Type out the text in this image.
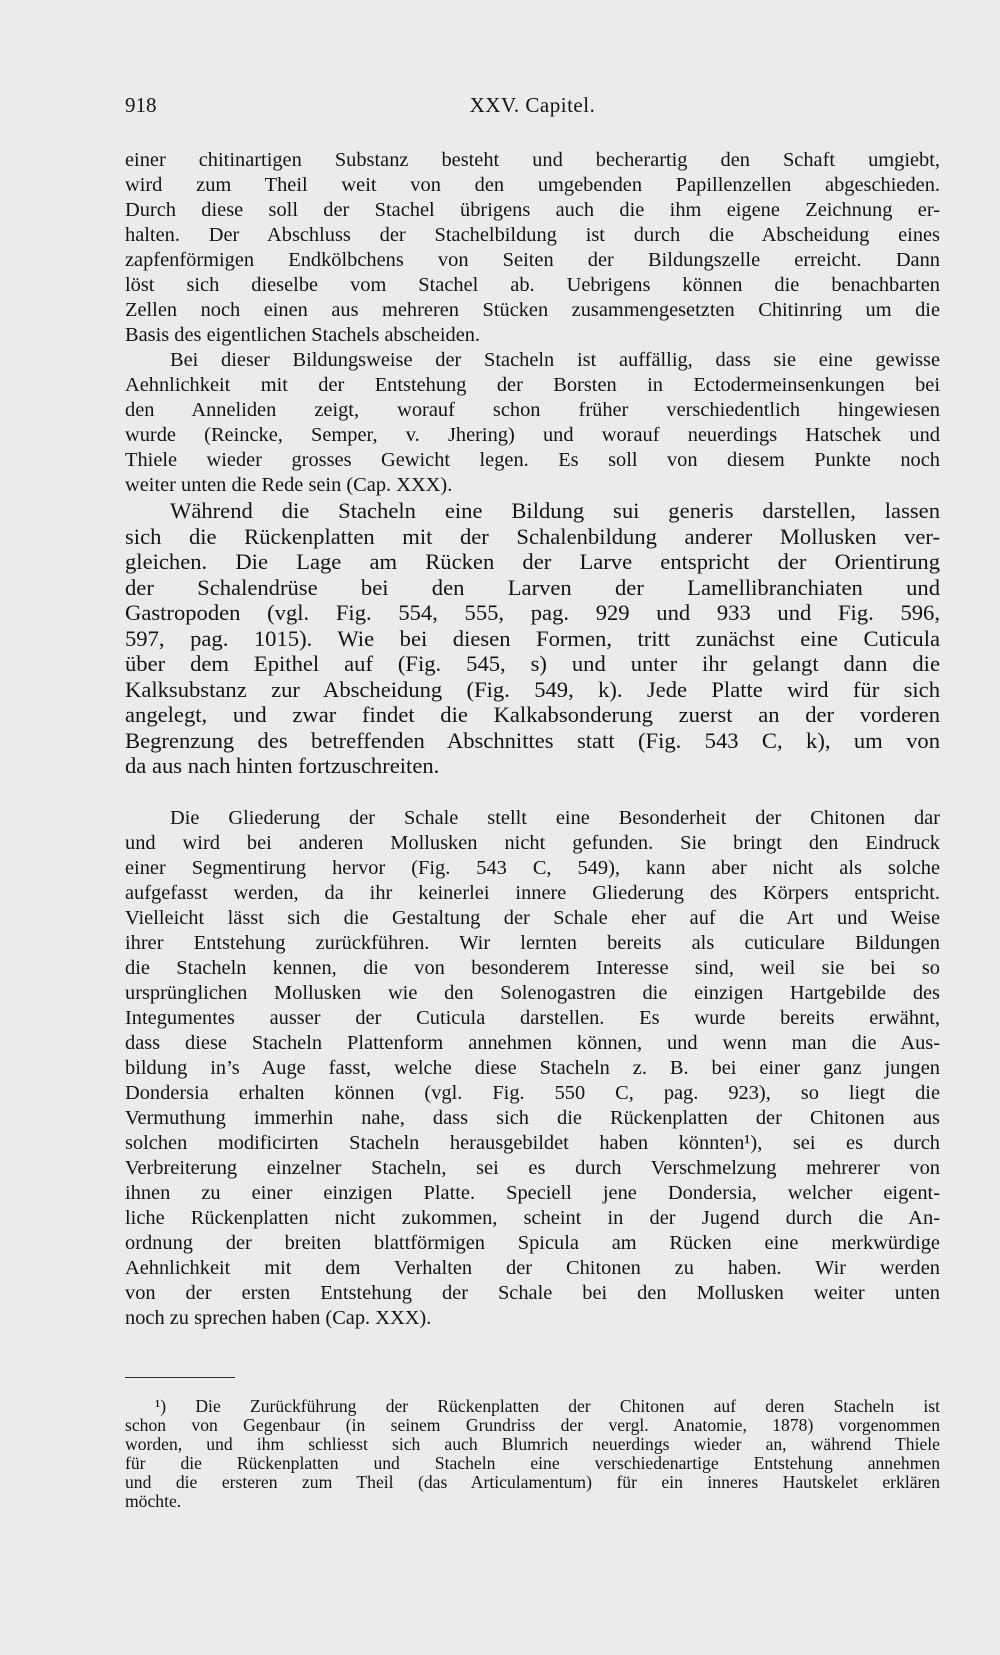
918	XXV. Capitel.
einer chitinartigen Substanz besteht und becherartig den Schaft umgiebt,
wird zum Theil weit von den umgebenden Papillenzellen abgeschieden.
Durch diese soll der Stachel übrigens auch die ihm eigene Zeichnung er-
halten. Der Abschluss der Stachelbildung ist durch die Abscheidung eines
zapfenförmigen Endkölbchens von Seiten der Bildungszelle erreicht. Dann
löst sich dieselbe vom Stachel ab. Uebrigens können die benachbarten
Zellen noch einen aus mehreren Stücken zusammengesetzten Chitinring um die
Basis des eigentlichen Stachels abscheiden.
Bei dieser Bildungsweise der Stacheln ist auffällig, dass sie eine gewisse
Aehnlichkeit mit der Entstehung der Borsten in Ectodermeinsenkungen bei
den Anneliden zeigt, worauf schon früher verschiedentlich hingewiesen
wurde (Reincke, Semper, v. Jhering) und worauf neuerdings Hatschek und
Thiele wieder grosses Gewicht legen. Es soll von diesem Punkte noch
weiter unten die Rede sein (Cap. XXX).
Während die Stacheln eine Bildung sui generis darstellen, lassen
sich die Rückenplatten mit der Schalenbildung anderer Mollusken ver-
gleichen. Die Lage am Rücken der Larve entspricht der Orientirung
der Schalendrüse bei den Larven der Lamellibranchiaten und
Gastropoden (vgl. Fig. 554, 555, pag. 929 und 933 und Fig. 596,
597, pag. 1015). Wie bei diesen Formen, tritt zunächst eine Cuticula
über dem Epithel auf (Fig. 545, s) und unter ihr gelangt dann die
Kalksubstanz zur Abscheidung (Fig. 549, k). Jede Platte wird für sich
angelegt, und zwar findet die Kalkabsonderung zuerst an der vorderen
Begrenzung des betreffenden Abschnittes statt (Fig. 543 C, k), um von
da aus nach hinten fortzuschreiten.
Die Gliederung der Schale stellt eine Besonderheit der Chitonen dar
und wird bei anderen Mollusken nicht gefunden. Sie bringt den Eindruck
einer Segmentirung hervor (Fig. 543 C, 549), kann aber nicht als solche
aufgefasst werden, da ihr keinerlei innere Gliederung des Körpers entspricht.
Vielleicht lässt sich die Gestaltung der Schale eher auf die Art und Weise
ihrer Entstehung zurückführen. Wir lernten bereits als cuticulare Bildungen
die Stacheln kennen, die von besonderem Interesse sind, weil sie bei so
ursprünglichen Mollusken wie den Solenogastren die einzigen Hartgebilde des
Integumentes ausser der Cuticula darstellen. Es wurde bereits erwähnt,
dass diese Stacheln Plattenform annehmen können, und wenn man die Aus-
bildung in’s Auge fasst, welche diese Stacheln z. B. bei einer ganz jungen
Dondersia erhalten können (vgl. Fig. 550 C, pag. 923), so liegt die
Vermuthung immerhin nahe, dass sich die Rückenplatten der Chitonen aus
solchen modificirten Stacheln herausgebildet haben könnten¹), sei es durch
Verbreiterung einzelner Stacheln, sei es durch Verschmelzung mehrerer von
ihnen zu einer einzigen Platte. Speciell jene Dondersia, welcher eigent-
liche Rückenplatten nicht zukommen, scheint in der Jugend durch die An-
ordnung der breiten blattförmigen Spicula am Rücken eine merkwürdige
Aehnlichkeit mit dem Verhalten der Chitonen zu haben. Wir werden
von der ersten Entstehung der Schale bei den Mollusken weiter unten
noch zu sprechen haben (Cap. XXX).
¹) Die Zurückführung der Rückenplatten der Chitonen auf deren Stacheln ist
schon von Gegenbaur (in seinem Grundriss der vergl. Anatomie, 1878) vorgenommen
worden, und ihm schliesst sich auch Blumrich neuerdings wieder an, während Thiele
für die Rückenplatten und Stacheln eine verschiedenartige Entstehung annehmen
und die ersteren zum Theil (das Articulamentum) für ein inneres Hautskelet erklären
möchte.
